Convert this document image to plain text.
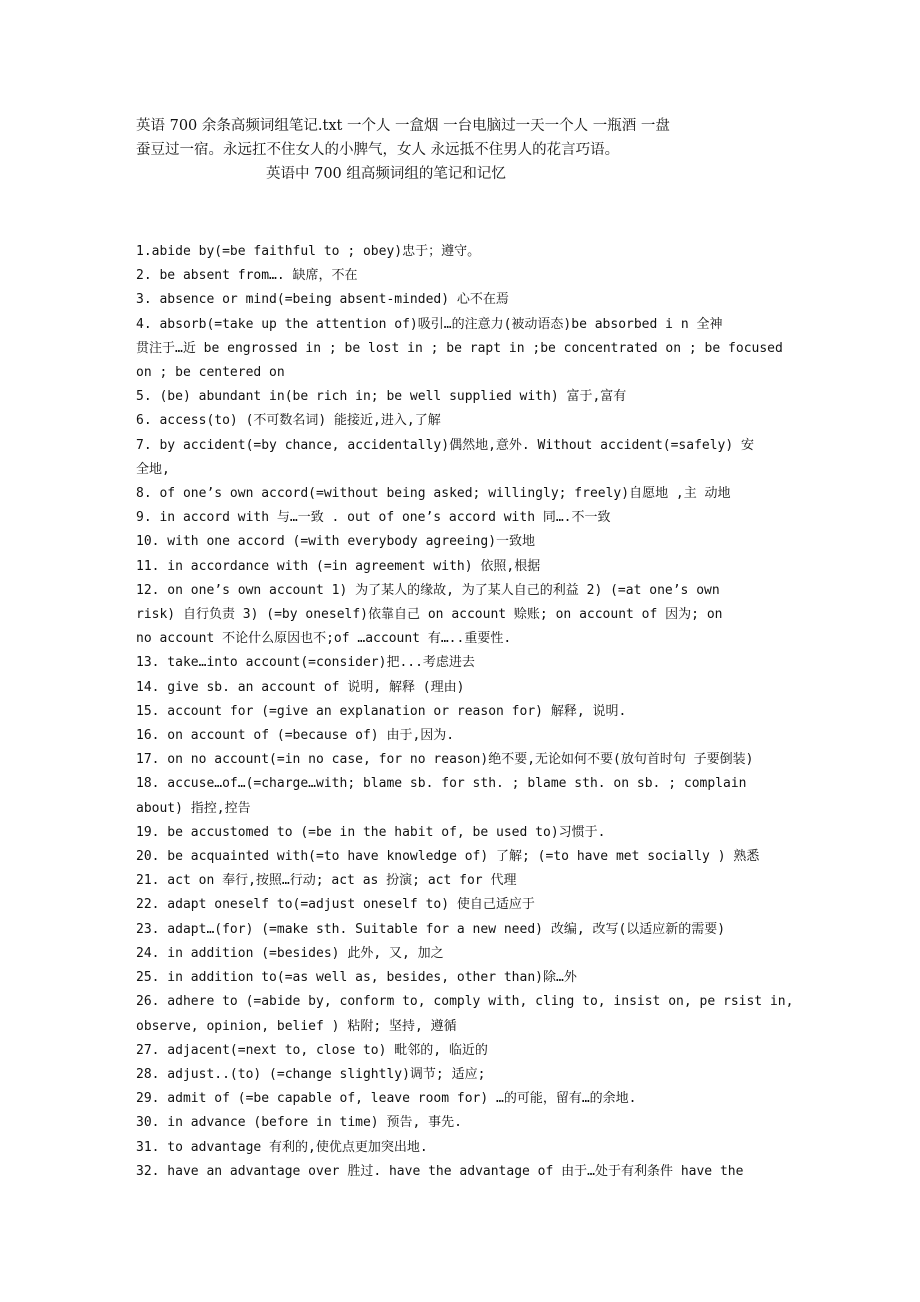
英语 700 余条高频词组笔记.txt 一个人 一盒烟 一台电脑过一天一个人 一瓶酒 一盘

蚕豆过一宿。永远扛不住女人的小脾气，女人 永远抵不住男人的花言巧语。

英语中 700 组高频词组的笔记和记忆

1.abide by(=be faithful to ; obey)忠于；遵守。

2. be absent from…. 缺席，不在

3. absence or mind(=being absent-minded) 心不在焉

4. absorb(=take up the attention of)吸引…的注意力(被动语态)be absorbed i n 全神
贯注于…近 be engrossed in ; be lost in ; be rapt in ;be concentrated on ; be focused
on ; be centered on

5. (be) abundant in(be rich in; be well supplied with) 富于,富有

6. access(to) (不可数名词) 能接近,进入,了解

7. by accident(=by chance, accidentally)偶然地,意外. Without accident(=safely) 安
全地,

8. of one’s own accord(=without being asked; willingly; freely)自愿地 ,主 动地

9. in accord with 与…一致 . out of one’s accord with 同….不一致

10. with one accord (=with everybody agreeing)一致地

11. in accordance with (=in agreement with) 依照,根据

12. on one’s own account 1) 为了某人的缘故, 为了某人自己的利益 2) (=at one’s own
risk) 自行负责 3) (=by oneself)依靠自己 on account 赊账; on account of 因为; on
no account 不论什么原因也不;of …account 有…..重要性.

13. take…into account(=consider)把...考虑进去

14. give sb. an account of 说明, 解释 (理由)

15. account for (=give an explanation or reason for) 解释, 说明.

16. on account of (=because of) 由于,因为.

17. on no account(=in no case, for no reason)绝不要,无论如何不要(放句首时句 子要倒装)

18. accuse…of…(=charge…with; blame sb. for sth. ; blame sth. on sb. ; complain
about) 指控,控告

19. be accustomed to (=be in the habit of, be used to)习惯于.

20. be acquainted with(=to have knowledge of) 了解; (=to have met socially ) 熟悉

21. act on 奉行,按照…行动; act as 扮演; act for 代理

22. adapt oneself to(=adjust oneself to) 使自己适应于

23. adapt…(for) (=make sth. Suitable for a new need) 改编, 改写(以适应新的需要)

24. in addition (=besides) 此外, 又, 加之

25. in addition to(=as well as, besides, other than)除…外

26. adhere to (=abide by, conform to, comply with, cling to, insist on, pe rsist in,
observe, opinion, belief ) 粘附; 坚持, 遵循

27. adjacent(=next to, close to) 毗邻的, 临近的

28. adjust..(to) (=change slightly)调节; 适应;

29. admit of (=be capable of, leave room for) …的可能，留有…的余地.

30. in advance (before in time) 预告, 事先.

31. to advantage 有利的,使优点更加突出地.

32. have an advantage over 胜过. have the advantage of 由于…处于有利条件 have the
